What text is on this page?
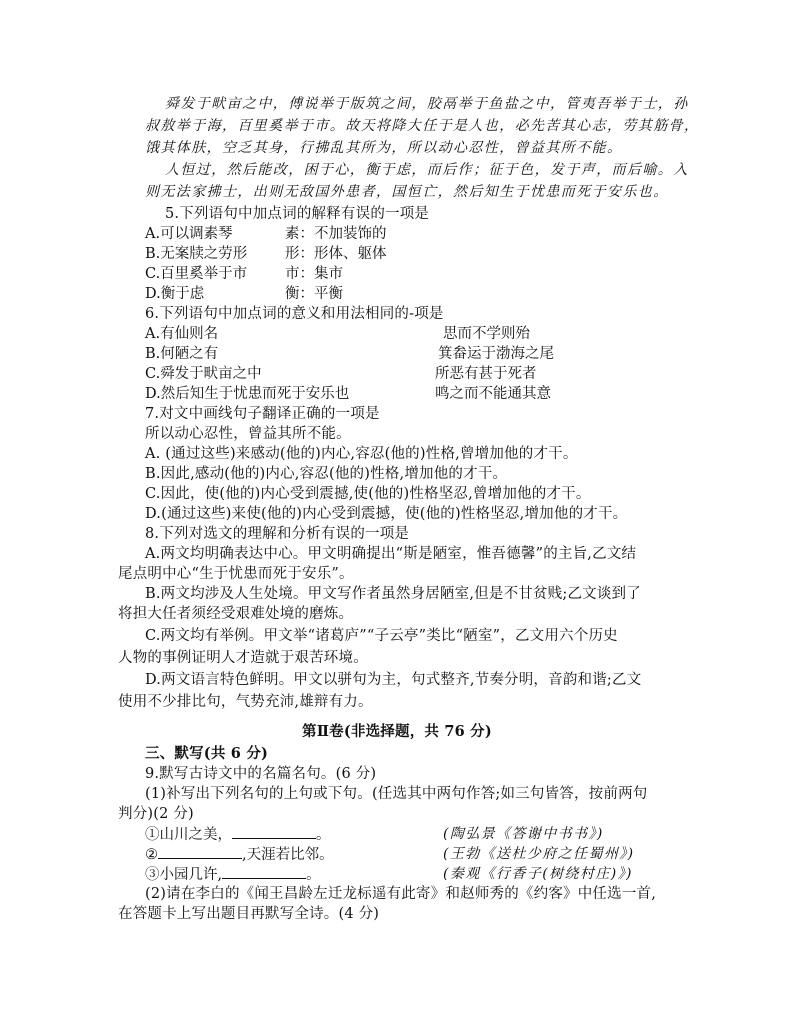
舜发于畎亩之中，傅说举于版筑之间，胶鬲举于鱼盐之中，管夷吾举于士，孙
叔敖举于海，百里奚举于市。故天将降大任于是人也，必先苦其心志，劳其筋骨，
饿其体肤，空乏其身，行拂乱其所为，所以动心忍性，曾益其所不能。
人恒过，然后能改，困于心，衡于虑，而后作；征于色，发于声，而后喻。入
则无法家拂士，出则无敌国外患者，国恒亡，然后知生于忧患而死于安乐也。
5.下列语句中加点词的解释有误的一项是
A.可以调素琴	素：不加装饰的
B.无案牍之劳形	形：形体、躯体
C.百里奚举于市	市：集市
D.衡于虑	衡：平衡
6.下列语句中加点词的意义和用法相同的-项是
A.有仙则名	思而不学则殆
B.何陋之有	箕畚运于渤海之尾
C.舜发于畎亩之中	所恶有甚于死者
D.然后知生于忧患而死于安乐也	鸣之而不能通其意
7.对文中画线句子翻译正确的一项是
所以动心忍性，曾益其所不能。
A. (通过这些)来感动(他的)内心,容忍(他的)性格,曾增加他的才干。
B.因此,感动(他的)内心,容忍(他的)性格,增加他的才干。
C.因此，使(他的)内心受到震撼,使(他的)性格坚忍,曾增加他的才干。
D.(通过这些)来使(他的)内心受到震撼，使(他的)性格坚忍,增加他的才干。
8.下列对选文的理解和分析有误的一项是
A.两文均明确表达中心。甲文明确提出“斯是陋室，惟吾德馨”的主旨,乙文结
尾点明中心“生于忧患而死于安乐”。
B.两文均涉及人生处境。甲文写作者虽然身居陋室,但是不甘贫贱;乙文谈到了
将担大任者须经受艰难处境的磨炼。
C.两文均有举例。甲文举“诸葛庐”“子云亭”类比“陋室”，乙文用六个历史
人物的事例证明人才造就于艰苦环境。
D.两文语言特色鲜明。甲文以骈句为主，句式整齐,节奏分明，音韵和谐;乙文
使用不少排比句，气势充沛,雄辩有力。
第Ⅱ卷(非选择题，共 76 分)
三、默写(共 6 分)
9.默写古诗文中的名篇名句。(6 分)
(1)补写出下列名句的上句或下句。(任选其中两句作答;如三句皆答，按前两句
判分)(2 分)
①山川之美，	。	(陶弘景《答谢中书书》)
②	,天涯若比邻。	(王勃《送杜少府之任蜀州》)
③小园几许,	。	(秦观《行香子(树绕村庄)》)
(2)请在李白的《闻王昌龄左迁龙标遥有此寄》和赵师秀的《约客》中任选一首,
在答题卡上写出题目再默写全诗。(4 分)
